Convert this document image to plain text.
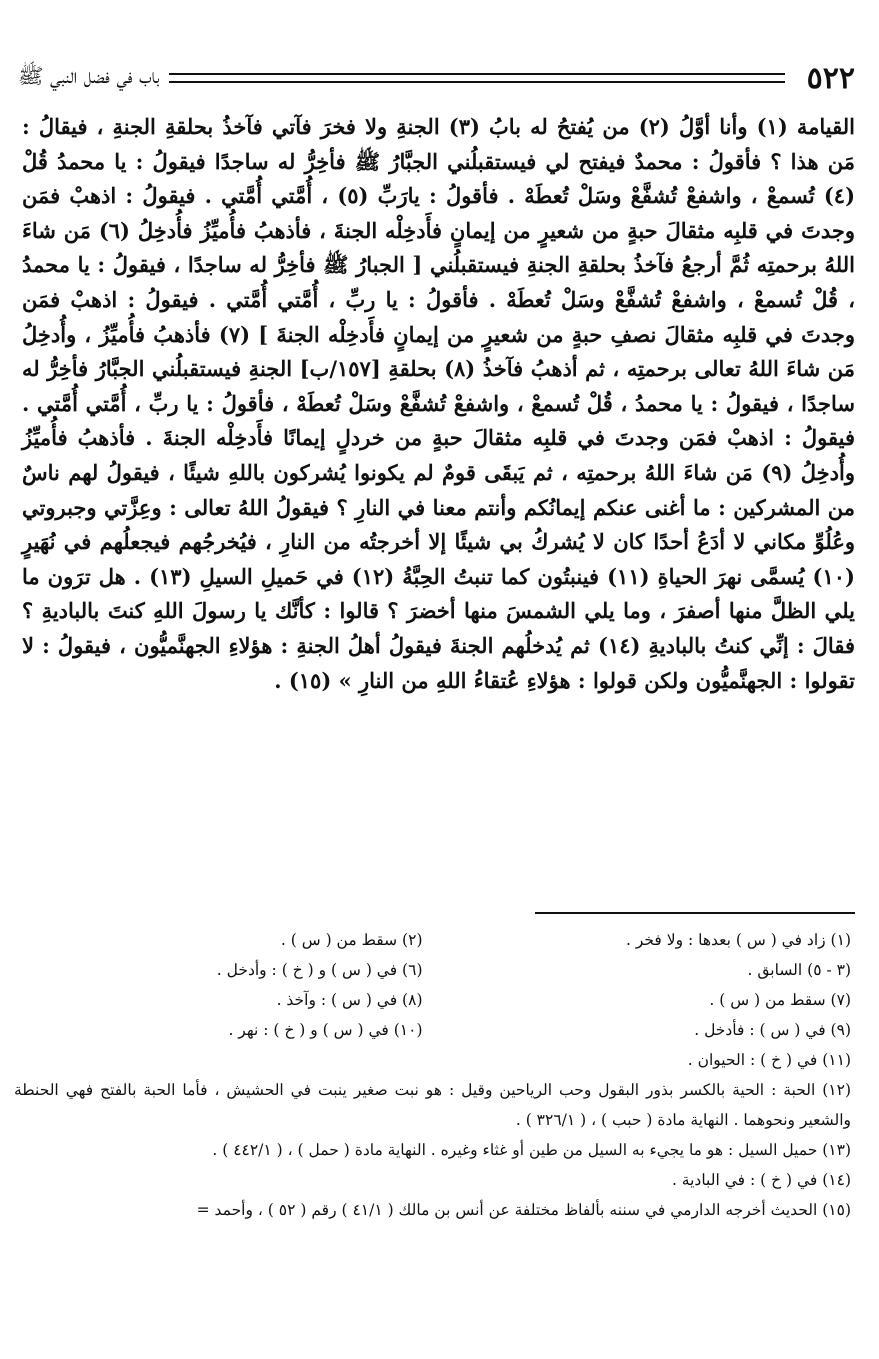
٥٢٢
باب في فضل النبي ﷺ

القيامة (١) وأنا أوَّلُ (٢) من يُفتحُ له بابُ (٣) الجنةِ ولا فخرَ فآتي فآخذُ بحلقةِ الجنةِ ، فيقالُ : مَن هذا ؟ فأقولُ : محمدٌ فيفتح لي فيستقبلُني الجبَّارُ ﷺ فأخِرُّ له ساجدًا فيقولُ : يا محمدُ قُلْ (٤) تُسمعْ ، واشفعْ تُشفَّعْ وسَلْ تُعطَهْ . فأقولُ : يارَبِّ (٥) ، أُمَّتي أُمَّتي . فيقولُ : اذهبْ فمَن وجدتَ في قلبِه مثقالَ حبةٍ من شعيرٍ من إيمانٍ فأَدخِلْه الجنةَ ، فأذهبُ فأُميِّزُ فأُدخِلُ (٦) مَن شاءَ اللهُ برحمتِه ثُمَّ أرجعُ فآخذُ بحلقةِ الجنةِ فيستقبلُني [ الجبارُ ﷺ فأخِرُّ له ساجدًا ، فيقولُ : يا محمدُ ، قُلْ تُسمعْ ، واشفعْ تُشفَّعْ وسَلْ تُعطَهْ . فأقولُ : يا ربِّ ، أُمَّتي أُمَّتي . فيقولُ : اذهبْ فمَن وجدتَ في قلبِه مثقالَ نصفِ حبةٍ من شعيرٍ من إيمانٍ فأَدخِلْه الجنةَ ] (٧) فأذهبُ فأُميِّزُ ، وأُدخِلُ مَن شاءَ اللهُ تعالى برحمتِه ، ثم أذهبُ فآخذُ (٨) بحلقةِ [١٥٧/ب] الجنةِ فيستقبلُني الجبَّارُ فأخِرُّ له ساجدًا ، فيقولُ : يا محمدُ ، قُلْ تُسمعْ ، واشفعْ تُشفَّعْ وسَلْ تُعطَهْ ، فأقولُ : يا ربِّ ، أُمَّتي أُمَّتي . فيقولُ : اذهبْ فمَن وجدتَ في قلبِه مثقالَ حبةٍ من خردلٍ إيمانًا فأَدخِلْه الجنةَ . فأذهبُ فأُميِّزُ وأُدخِلُ (٩) مَن شاءَ اللهُ برحمتِه ، ثم يَبقَى قومٌ لم يكونوا يُشركون باللهِ شيئًا ، فيقولُ لهم ناسٌ من المشركين : ما أغنى عنكم إيمانُكم وأنتم معنا في النارِ ؟ فيقولُ اللهُ تعالى : وعِزَّتي وجبروتي وعُلُوِّ مكاني لا أدَعُ أحدًا كان لا يُشركُ بي شيئًا إلا أخرجتُه من النارِ ، فيُخرجُهم فيجعلُهم في نُهَيرٍ (١٠) يُسمَّى نهرَ الحياةِ (١١) فينبتُون كما تنبتُ الحِبَّةُ (١٢) في حَميلِ السيلِ (١٣) . هل ترَون ما يلي الظلَّ منها أصفرَ ، وما يلي الشمسَ منها أخضرَ ؟ قالوا : كأنَّك يا رسولَ اللهِ كنتَ بالباديةِ ؟ فقالَ : إنِّي كنتُ بالباديةِ (١٤) ثم يُدخلُهم الجنةَ فيقولُ أهلُ الجنةِ : هؤلاءِ الجهنَّميُّون ، فيقولُ : لا تقولوا : الجهنَّميُّون ولكن قولوا : هؤلاءِ عُتقاءُ اللهِ من النارِ » (١٥) .

(١) زاد في ( س ) بعدها : ولا فخر .
(٢) سقط من ( س ) .
(٣ - ٥) السابق .
(٦) في ( س ) و ( خ ) : وأدخل .
(٧) سقط من ( س ) .
(٨) في ( س ) : وآخذ .
(٩) في ( س ) : فأدخل .
(١٠) في ( س ) و ( خ ) : نهر .
(١١) في ( خ ) : الحيوان .
(١٢) الحبة : الحية بالكسر بذور البقول وحب الرياحين وقيل : هو نبت صغير ينبت في الحشيش ، فأما الحبة بالفتح فهي الحنطة والشعير ونحوهما . النهاية مادة ( حبب ) ، ( ٣٢٦/١ ) .
(١٣) حميل السيل : هو ما يجيء به السيل من طين أو غثاء وغيره . النهاية مادة ( حمل ) ، ( ٤٤٢/١ ) .
(١٤) في ( خ ) : في البادية .
(١٥) الحديث أخرجه الدارمي في سننه بألفاظ مختلفة عن أنس بن مالك ( ٤١/١ ) رقم ( ٥٢ ) ، وأحمد =
